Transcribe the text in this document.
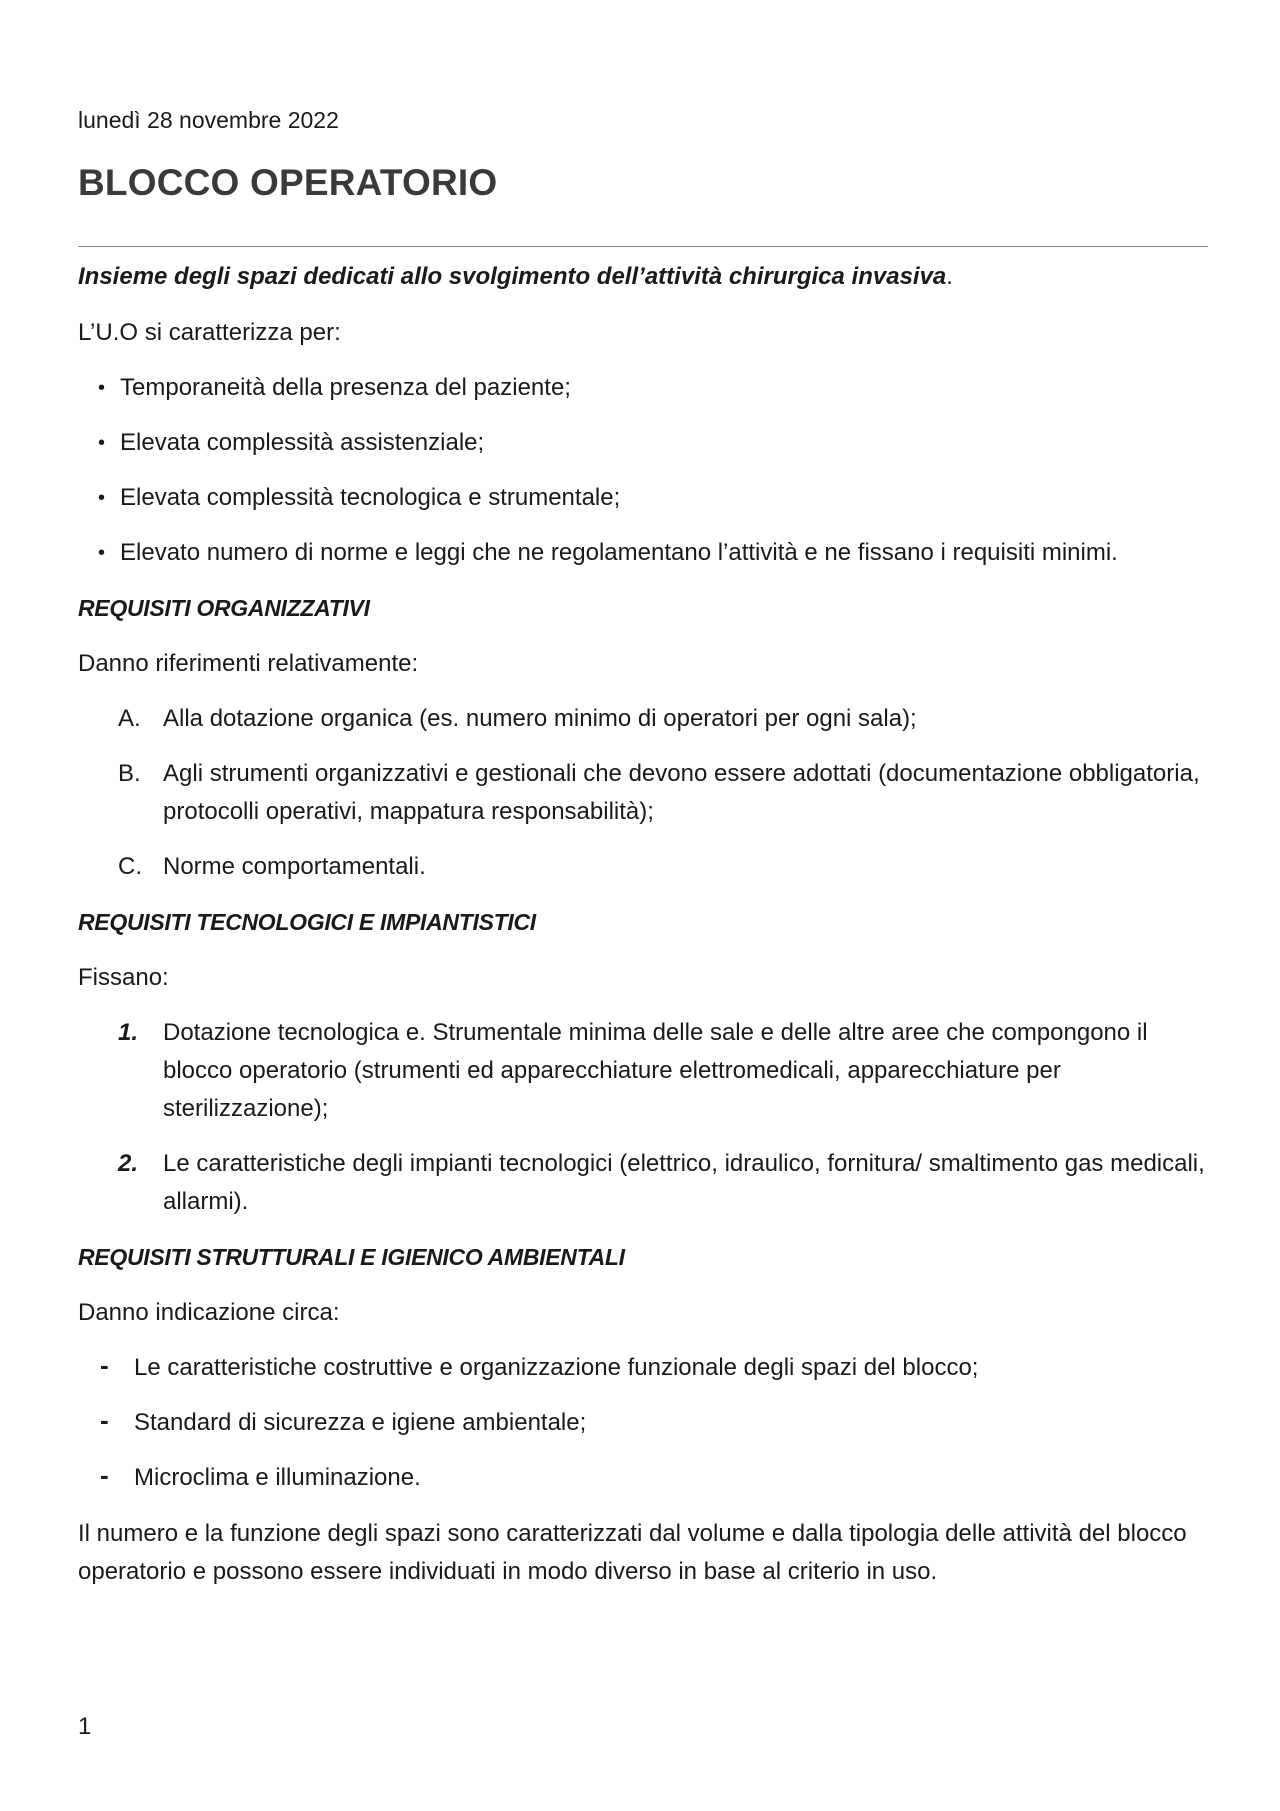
lunedì 28 novembre 2022
BLOCCO OPERATORIO

Insieme degli spazi dedicati allo svolgimento dell’attività chirurgica invasiva.

L’U.O si caratterizza per:

• Temporaneità della presenza del paziente;
• Elevata complessità assistenziale;
• Elevata complessità tecnologica e strumentale;
• Elevato numero di norme e leggi che ne regolamentano l’attività e ne fissano i requisiti minimi.

REQUISITI ORGANIZZATIVI

Danno riferimenti relativamente:

A. Alla dotazione organica (es. numero minimo di operatori per ogni sala);
B. Agli strumenti organizzativi e gestionali che devono essere adottati (documentazione obbligatoria, protocolli operativi, mappatura responsabilità);
C. Norme comportamentali.

REQUISITI TECNOLOGICI E IMPIANTISTICI

Fissano:

1. Dotazione tecnologica e. Strumentale minima delle sale e delle altre aree che compongono il blocco operatorio (strumenti ed apparecchiature elettromedicali, apparecchiature per sterilizzazione);
2. Le caratteristiche degli impianti tecnologici (elettrico, idraulico, fornitura/ smaltimento gas medicali, allarmi).

REQUISITI STRUTTURALI E IGIENICO AMBIENTALI

Danno indicazione circa:

- Le caratteristiche costruttive e organizzazione funzionale degli spazi del blocco;
- Standard di sicurezza e igiene ambientale;
- Microclima e illuminazione.

Il numero e la funzione degli spazi sono caratterizzati dal volume e dalla tipologia delle attività del blocco operatorio e possono essere individuati in modo diverso in base al criterio in uso.

1
